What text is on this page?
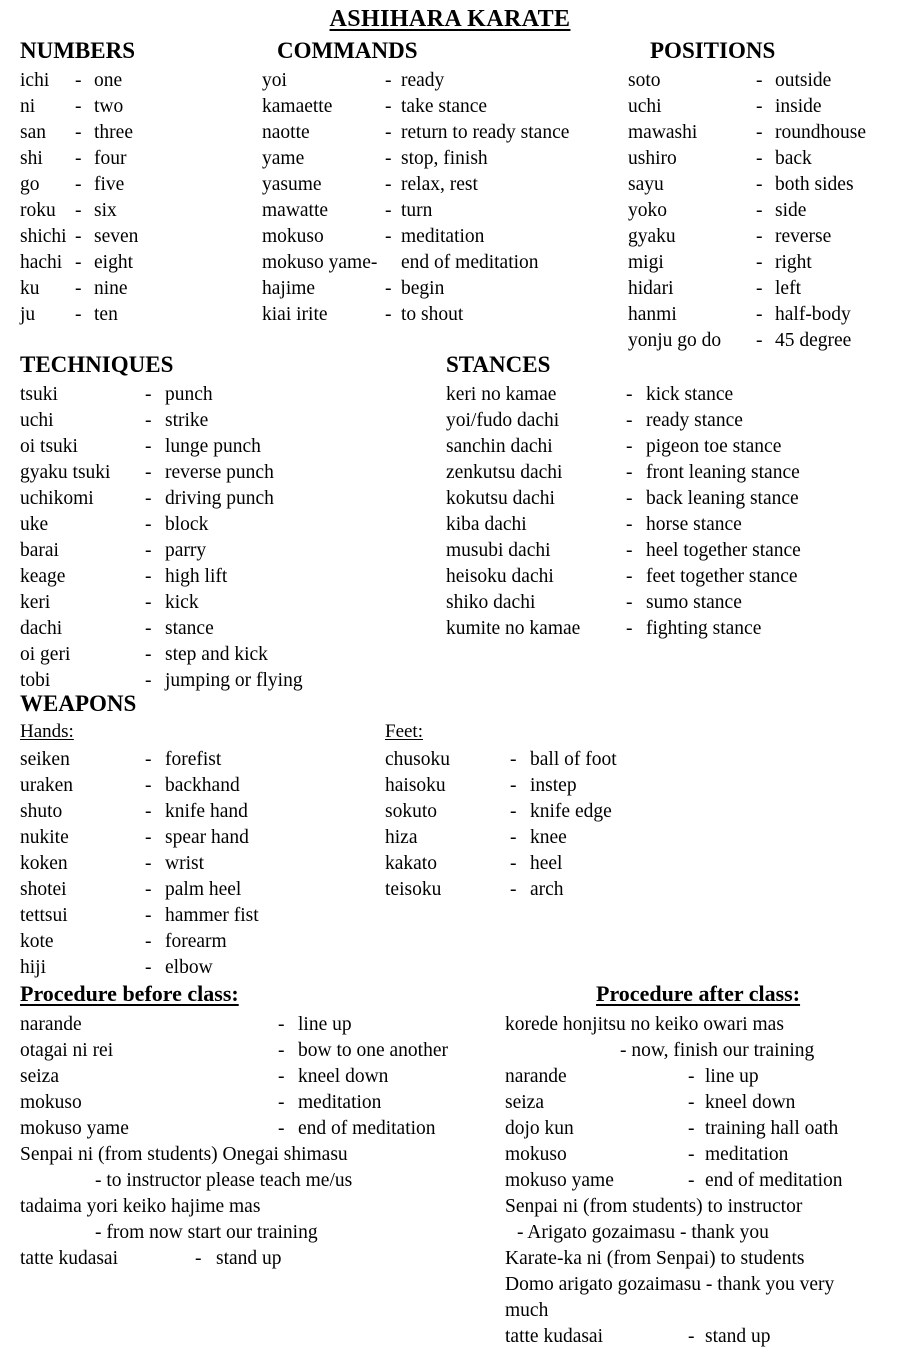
ASHIHARA KARATE
NUMBERS
ichi - one
ni - two
san - three
shi - four
go - five
roku - six
shichi - seven
hachi - eight
ku - nine
ju - ten
COMMANDS
yoi	- ready
kamaette	- take stance
naotte	- return to ready stance
yame	- stop, finish
yasume	- relax, rest
mawatte	- turn
mokuso	- meditation
mokuso yame- end of meditation
hajime	- begin
kiai irite	- to shout
POSITIONS
soto	- outside
uchi	- inside
mawashi	- roundhouse
ushiro	- back
sayu	- both sides
yoko	- side
gyaku	- reverse
migi	- right
hidari	- left
hanmi	- half-body
yonju go do - 45 degree
TECHNIQUES
tsuki	- punch
uchi	- strike
oi tsuki	- lunge punch
gyaku tsuki - reverse punch
uchikomi	- driving punch
uke	- block
barai	- parry
keage	- high lift
keri	- kick
dachi	- stance
oi geri	- step and kick
tobi	- jumping or flying
STANCES
keri no kamae	- kick stance
yoi/fudo dachi	- ready stance
sanchin dachi	- pigeon toe stance
zenkutsu dachi	- front leaning stance
kokutsu dachi	- back leaning stance
kiba dachi	- horse stance
musubi dachi	- heel together stance
heisoku dachi	- feet together stance
shiko dachi	- sumo stance
kumite no kamae - fighting stance
WEAPONS
Hands:
seiken	- forefist
uraken	- backhand
shuto	- knife hand
nukite	- spear hand
koken	- wrist
shotei	- palm heel
tettsui	- hammer fist
kote	- forearm
hiji	- elbow
Feet:
chusoku	- ball of foot
haisoku	- instep
sokuto	- knife edge
hiza	- knee
kakato	- heel
teisoku	- arch
Procedure before class:
narande	- line up
otagai ni rei	- bow to one another
seiza	- kneel down
mokuso	- meditation
mokuso yame	- end of meditation
Senpai ni (from students) Onegai shimasu
- to instructor please teach me/us
tadaima yori keiko hajime mas
- from now start our training
tatte kudasai	- stand up
Procedure after class:
korede honjitsu no keiko owari mas
- now, finish our training
narande	- line up
seiza	- kneel down
dojo kun	- training hall oath
mokuso	- meditation
mokuso yame	- end of meditation
Senpai ni (from students) to instructor
- Arigato gozaimasu - thank you
Karate-ka ni (from Senpai) to students
Domo arigato gozaimasu - thank you very
much
tatte kudasai	- stand up
